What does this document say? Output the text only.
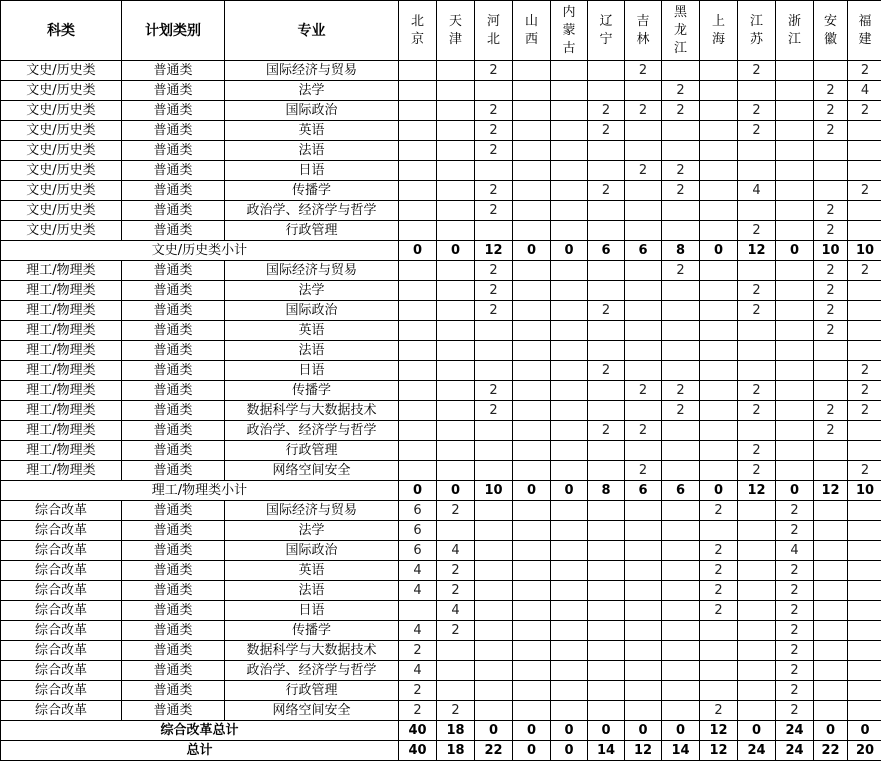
科类	计划类别	专业	北京	天津	河北	山西	内蒙古	辽宁	吉林	黑龙江	上海	江苏	浙江	安徽	福建
文史/历史类	普通类	国际经济与贸易			2				2			2			2
文史/历史类	普通类	法学								2				2	4
文史/历史类	普通类	国际政治			2			2	2	2		2		2	2
文史/历史类	普通类	英语			2			2				2		2	
文史/历史类	普通类	法语			2										
文史/历史类	普通类	日语							2	2					
文史/历史类	普通类	传播学			2			2		2		4			2
文史/历史类	普通类	政治学、经济学与哲学			2									2	
文史/历史类	普通类	行政管理										2		2	
文史/历史类小计			0	0	12	0	0	6	6	8	0	12	0	10	10
理工/物理类	普通类	国际经济与贸易			2					2				2	2
理工/物理类	普通类	法学			2							2		2	
理工/物理类	普通类	国际政治			2			2				2		2	
理工/物理类	普通类	英语												2	
理工/物理类	普通类	法语													
理工/物理类	普通类	日语						2							2
理工/物理类	普通类	传播学			2				2	2		2			2
理工/物理类	普通类	数据科学与大数据技术			2					2		2		2	2
理工/物理类	普通类	政治学、经济学与哲学						2	2					2	
理工/物理类	普通类	行政管理										2			
理工/物理类	普通类	网络空间安全							2			2			2
理工/物理类小计			0	0	10	0	0	8	6	6	0	12	0	12	10
综合改革	普通类	国际经济与贸易	6	2							2		2		
综合改革	普通类	法学	6										2		
综合改革	普通类	国际政治	6	4							2		4		
综合改革	普通类	英语	4	2							2		2		
综合改革	普通类	法语	4	2							2		2		
综合改革	普通类	日语		4							2		2		
综合改革	普通类	传播学	4	2									2		
综合改革	普通类	数据科学与大数据技术	2										2		
综合改革	普通类	政治学、经济学与哲学	4										2		
综合改革	普通类	行政管理	2										2		
综合改革	普通类	网络空间安全	2	2							2		2		
综合改革总计			40	18	0	0	0	0	0	0	12	0	24	0	0
总计			40	18	22	0	0	14	12	14	12	24	24	22	20
